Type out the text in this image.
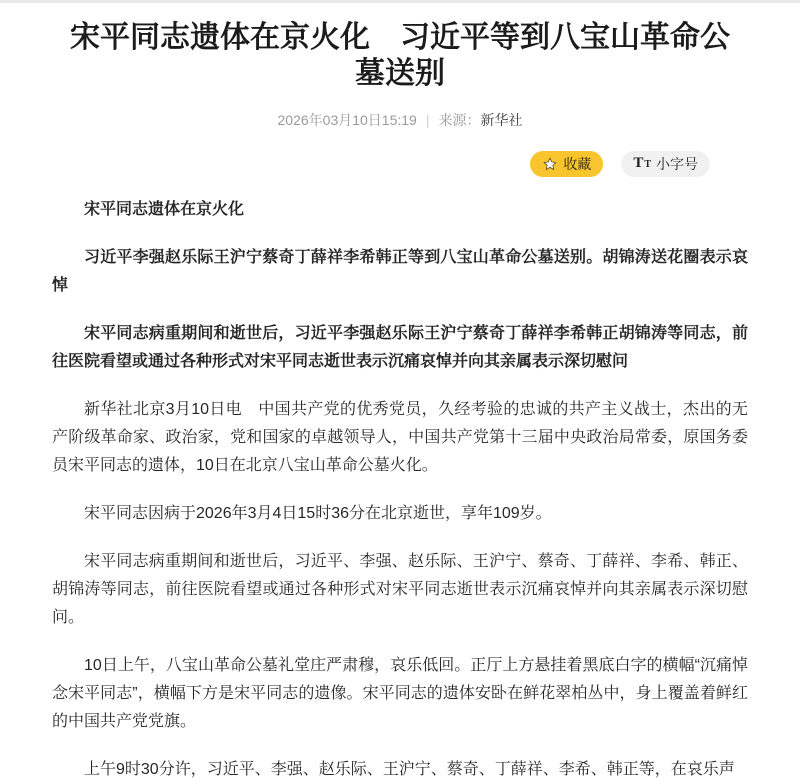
宋平同志遗体在京火化　习近平等到八宝山革命公墓送别
2026年03月10日15:19 | 来源：新华社
收藏	T T 小字号

宋平同志遗体在京火化

习近平李强赵乐际王沪宁蔡奇丁薛祥李希韩正等到八宝山革命公墓送别。胡锦涛送花圈表示哀悼

宋平同志病重期间和逝世后，习近平李强赵乐际王沪宁蔡奇丁薛祥李希韩正胡锦涛等同志，前往医院看望或通过各种形式对宋平同志逝世表示沉痛哀悼并向其亲属表示深切慰问

新华社北京3月10日电　中国共产党的优秀党员，久经考验的忠诚的共产主义战士，杰出的无产阶级革命家、政治家，党和国家的卓越领导人，中国共产党第十三届中央政治局常委，原国务委员宋平同志的遗体，10日在北京八宝山革命公墓火化。

宋平同志因病于2026年3月4日15时36分在北京逝世，享年109岁。

宋平同志病重期间和逝世后，习近平、李强、赵乐际、王沪宁、蔡奇、丁薛祥、李希、韩正、胡锦涛等同志，前往医院看望或通过各种形式对宋平同志逝世表示沉痛哀悼并向其亲属表示深切慰问。

10日上午，八宝山革命公墓礼堂庄严肃穆，哀乐低回。正厅上方悬挂着黑底白字的横幅“沉痛悼念宋平同志”，横幅下方是宋平同志的遗像。宋平同志的遗体安卧在鲜花翠柏丛中，身上覆盖着鲜红的中国共产党党旗。

上午9时30分许，习近平、李强、赵乐际、王沪宁、蔡奇、丁薛祥、李希、韩正等，在哀乐声
